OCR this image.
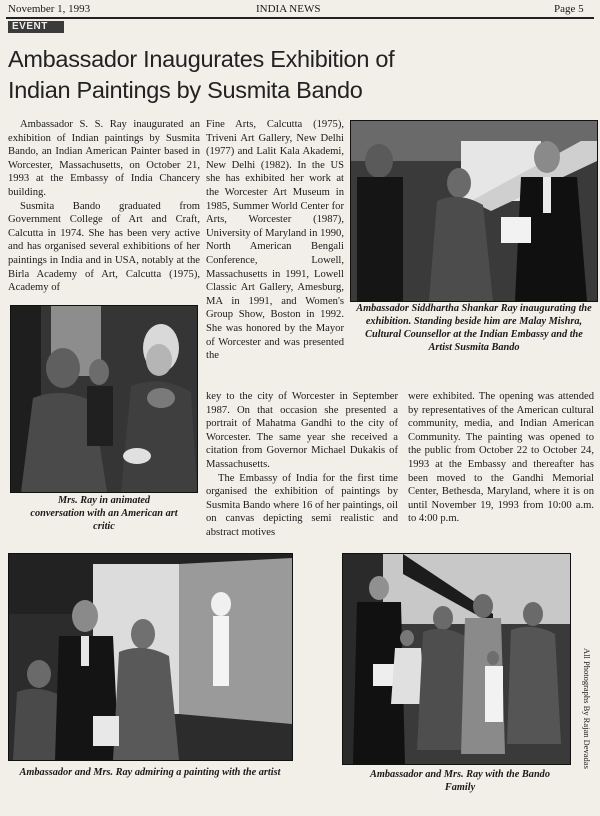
November 1, 1993	INDIA NEWS	Page 5
EVENT
Ambassador Inaugurates Exhibition of
Indian Paintings by Susmita Bando

Ambassador S. S. Ray inaugurated an exhibition of Indian paintings by Susmita Bando, an Indian American Painter based in Worcester, Massachusetts, on October 21, 1993 at the Embassy of India Chancery building.

Susmita Bando graduated from Government College of Art and Craft, Calcutta in 1974. She has been very active and has organised several exhibitions of her paintings in India and in USA, notably at the Birla Academy of Art, Calcutta (1975), Academy of

Fine Arts, Calcutta (1975), Triveni Art Gallery, New Delhi (1977) and Lalit Kala Akademi, New Delhi (1982). In the US she has exhibited her work at the Worcester Art Museum in 1985, Summer World Center for Arts, Worcester (1987), University of Maryland in 1990, North American Bengali Conference, Lowell, Massachusetts in 1991, Lowell Classic Art Gallery, Amesburg, MA in 1991, and Women's Group Show, Boston in 1992. She was honored by the Mayor of Worcester and was presented the

key to the city of Worcester in September 1987. On that occasion she presented a portrait of Mahatma Gandhi to the city of Worcester. The same year she received a citation from Governor Michael Dukakis of Massachusetts.

The Embassy of India for the first time organised the exhibition of paintings by Susmita Bando where 16 of her paintings, oil on canvas depicting semi realistic and abstract motives

were exhibited. The opening was attended by representatives of the American cultural community, media, and Indian American Community. The painting was opened to the public from October 22 to October 24, 1993 at the Embassy and thereafter has been moved to the Gandhi Memorial Center, Bethesda, Maryland, where it is on until November 19, 1993 from 10:00 a.m. to 4:00 p.m.

Ambassador Siddhartha Shankar Ray inaugurating the exhibition. Standing beside him are Malay Mishra, Cultural Counsellor at the Indian Embassy and the Artist Susmita Bando
Mrs. Ray in animated conversation with an American art critic
Ambassador and Mrs. Ray admiring a painting with the artist	Ambassador and Mrs. Ray with the Bando Family
All Photographs By Rajan Devadas
